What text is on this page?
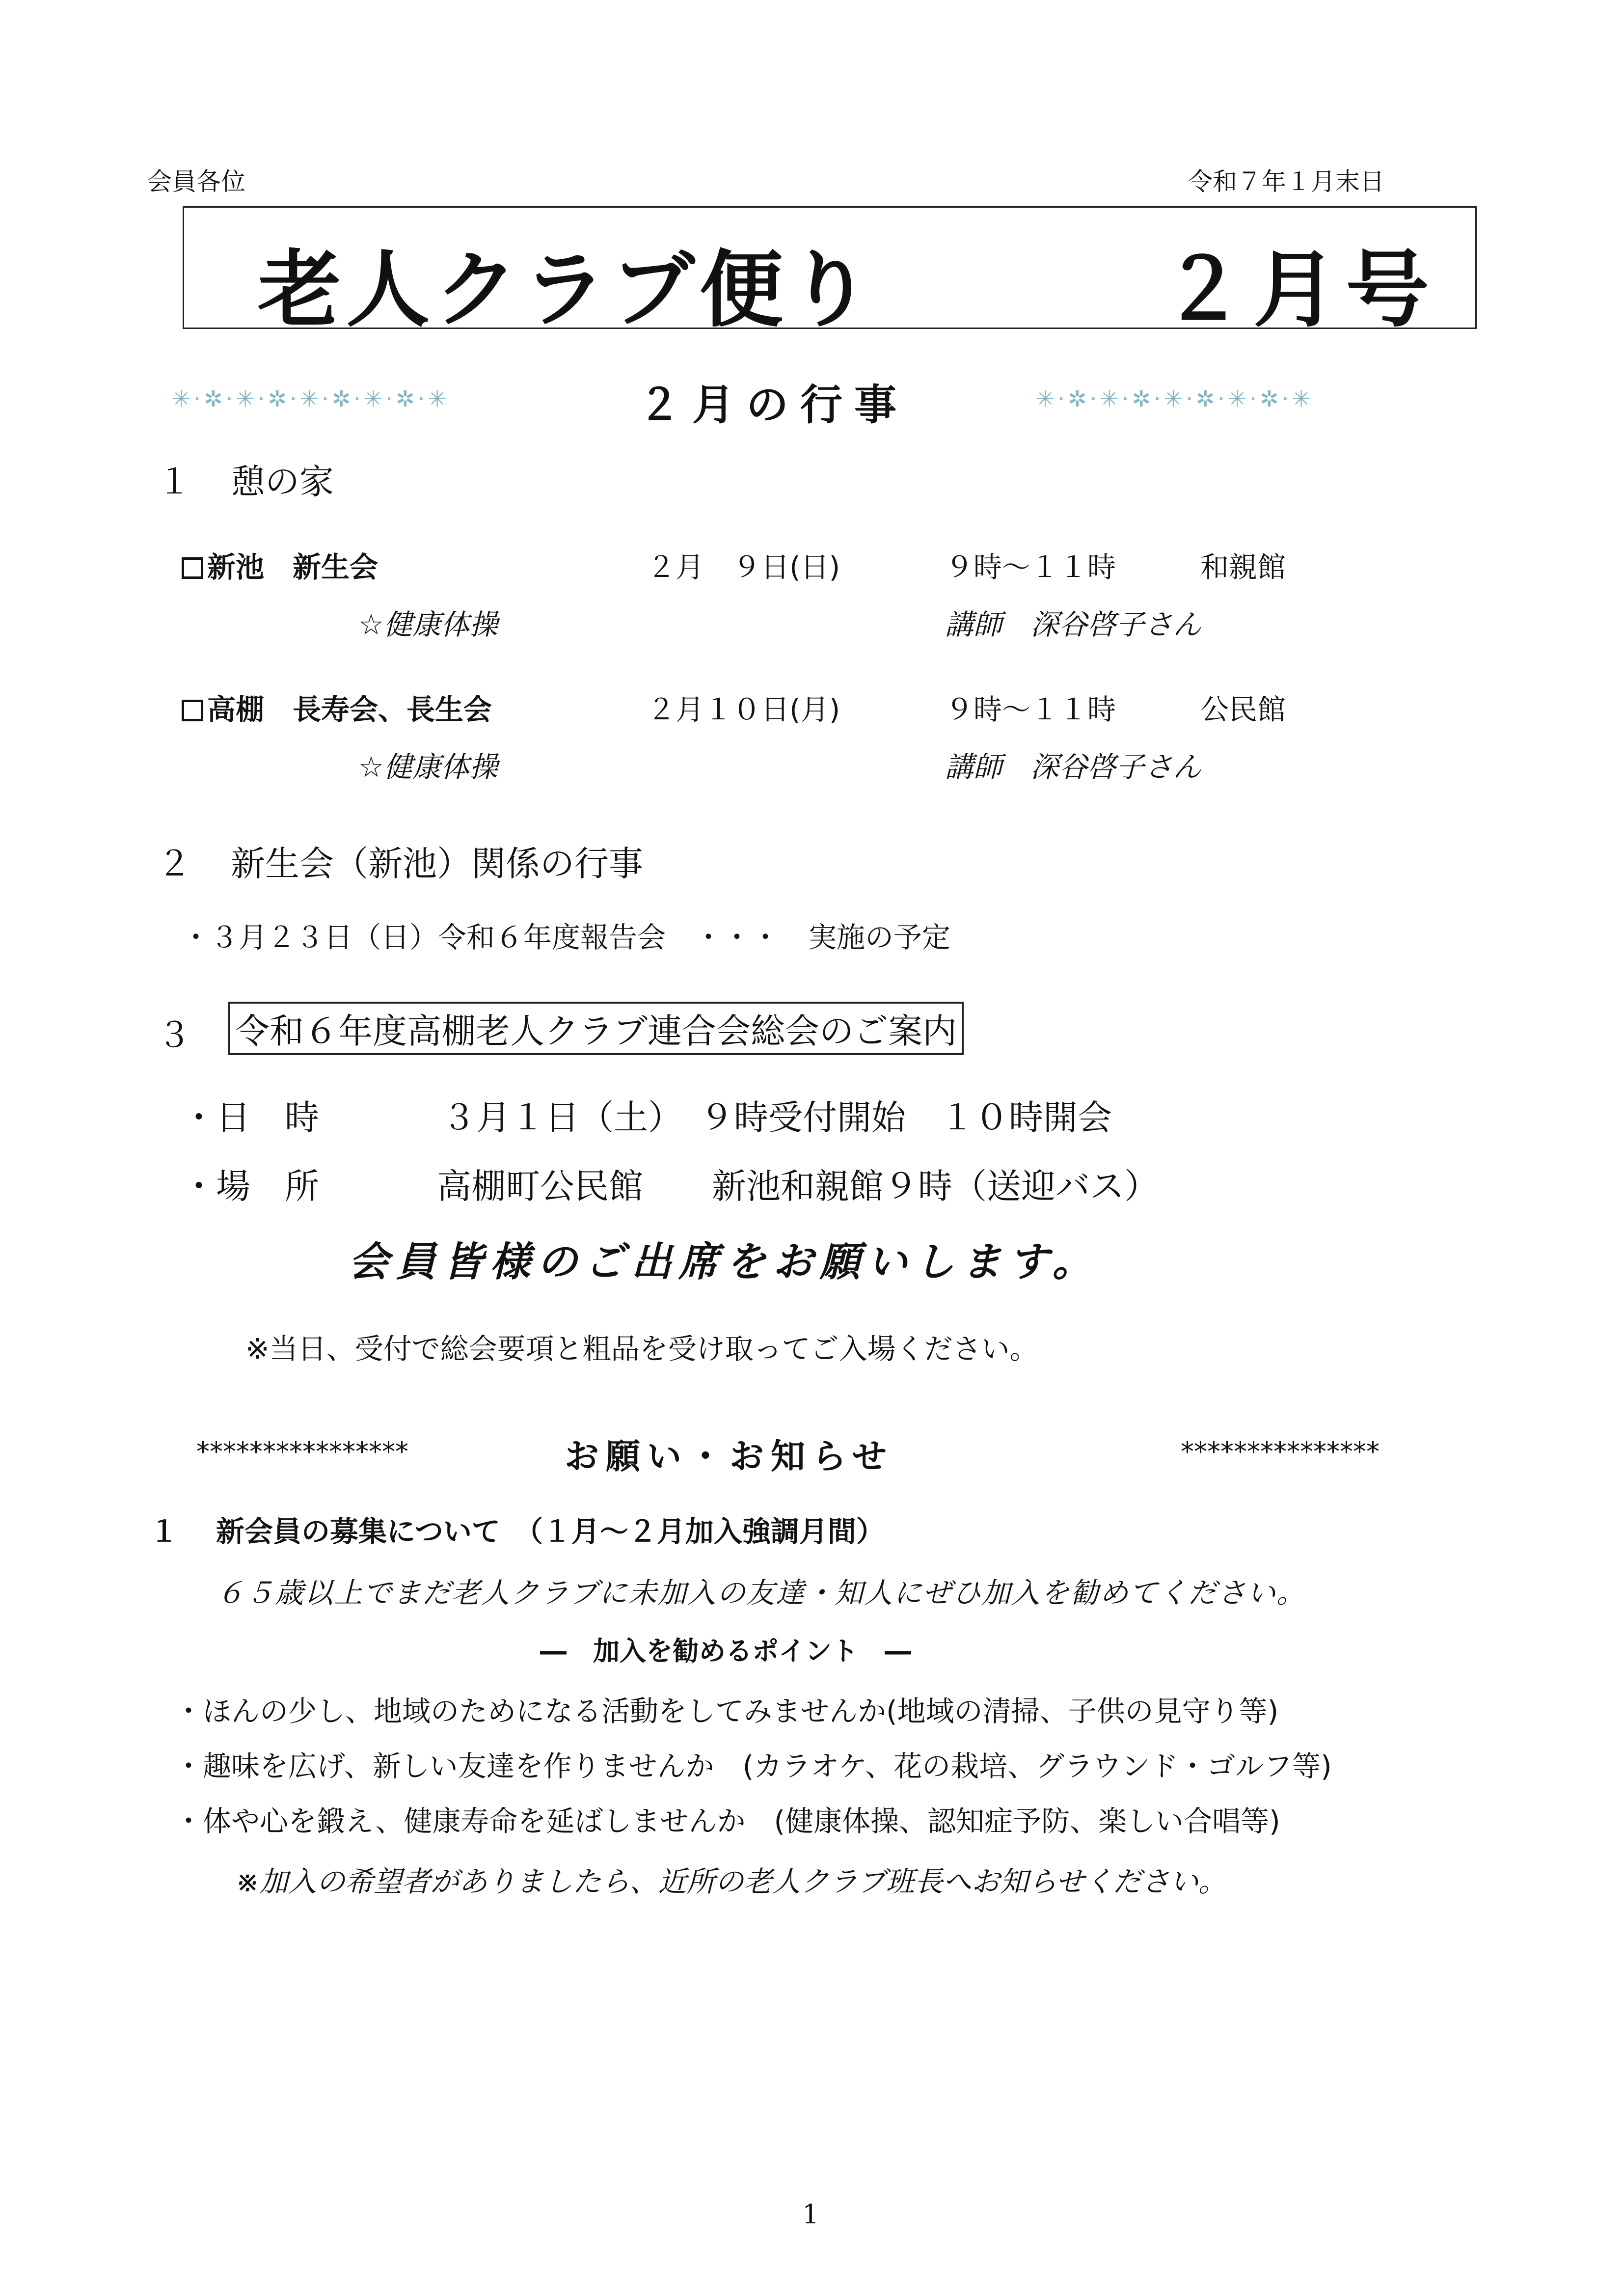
会員各位	令和７年１月末日
老人クラブ便り	２月号
✳·✲·✳·✲·✳·✲·✳·✲·✳	２月の行事	✳·✲·✳·✲·✳·✲·✳·✲·✳
１ 憩の家
新池　新生会	２月　９日(日)	９時～１１時	和親館
☆健康体操	講師　深谷啓子さん
高棚　長寿会、長生会	２月１０日(月)	９時～１１時	公民館
☆健康体操	講師　深谷啓子さん
２ 新生会（新池）関係の行事
・３月２３日（日）令和６年度報告会　・・・　実施の予定
３ 令和６年度高棚老人クラブ連合会総会のご案内
・日　時	３月１日（土）　９時受付開始　１０時開会
・場　所	高棚町公民館　　新池和親館９時（送迎バス）
会員皆様のご出席をお願いします。
※当日、受付で総会要項と粗品を受け取ってご入場ください。
****************	お願い・お知らせ	***************
１ 新会員の募集について　（１月～２月加入強調月間）
６５歳以上でまだ老人クラブに未加入の友達・知人にぜひ加入を勧めてください。
―　加入を勧めるポイント　―
・ほんの少し、地域のためになる活動をしてみませんか(地域の清掃、子供の見守り等)
・趣味を広げ、新しい友達を作りませんか　(カラオケ、花の栽培、グラウンド・ゴルフ等)
・体や心を鍛え、健康寿命を延ばしませんか　(健康体操、認知症予防、楽しい合唱等)
※加入の希望者がありましたら、近所の老人クラブ班長へお知らせください。
1
